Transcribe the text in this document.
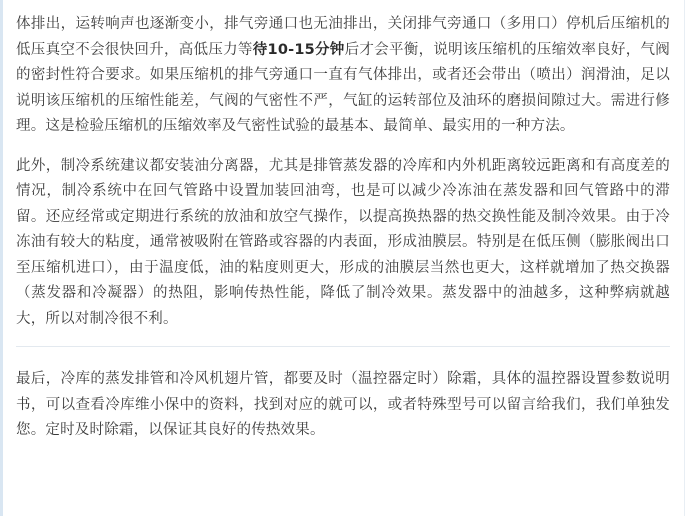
体排出，运转响声也逐渐变小，排气旁通口也无油排出，关闭排气旁通口（多用口）停机后压缩机的低压真空不会很快回升，高低压力等待10-15分钟后才会平衡，说明该压缩机的压缩效率良好，气阀的密封性符合要求。如果压缩机的排气旁通口一直有气体排出，或者还会带出（喷出）润滑油，足以说明该压缩机的压缩性能差，气阀的气密性不严，气缸的运转部位及油环的磨损间隙过大。需进行修理。这是检验压缩机的压缩效率及气密性试验的最基本、最简单、最实用的一种方法。

此外，制冷系统建议都安装油分离器，尤其是排管蒸发器的冷库和内外机距离较远距离和有高度差的情况，制冷系统中在回气管路中设置加装回油弯，也是可以减少冷冻油在蒸发器和回气管路中的滞留。还应经常或定期进行系统的放油和放空气操作，以提高换热器的热交换性能及制冷效果。由于冷冻油有较大的粘度，通常被吸附在管路或容器的内表面，形成油膜层。特别是在低压侧（膨胀阀出口至压缩机进口），由于温度低，油的粘度则更大，形成的油膜层当然也更大，这样就增加了热交换器（蒸发器和冷凝器）的热阻，影响传热性能，降低了制冷效果。蒸发器中的油越多，这种弊病就越大，所以对制冷很不利。

最后，冷库的蒸发排管和冷风机翅片管，都要及时（温控器定时）除霜，具体的温控器设置参数说明书，可以查看冷库维小保中的资料，找到对应的就可以，或者特殊型号可以留言给我们，我们单独发您。定时及时除霜，以保证其良好的传热效果。
